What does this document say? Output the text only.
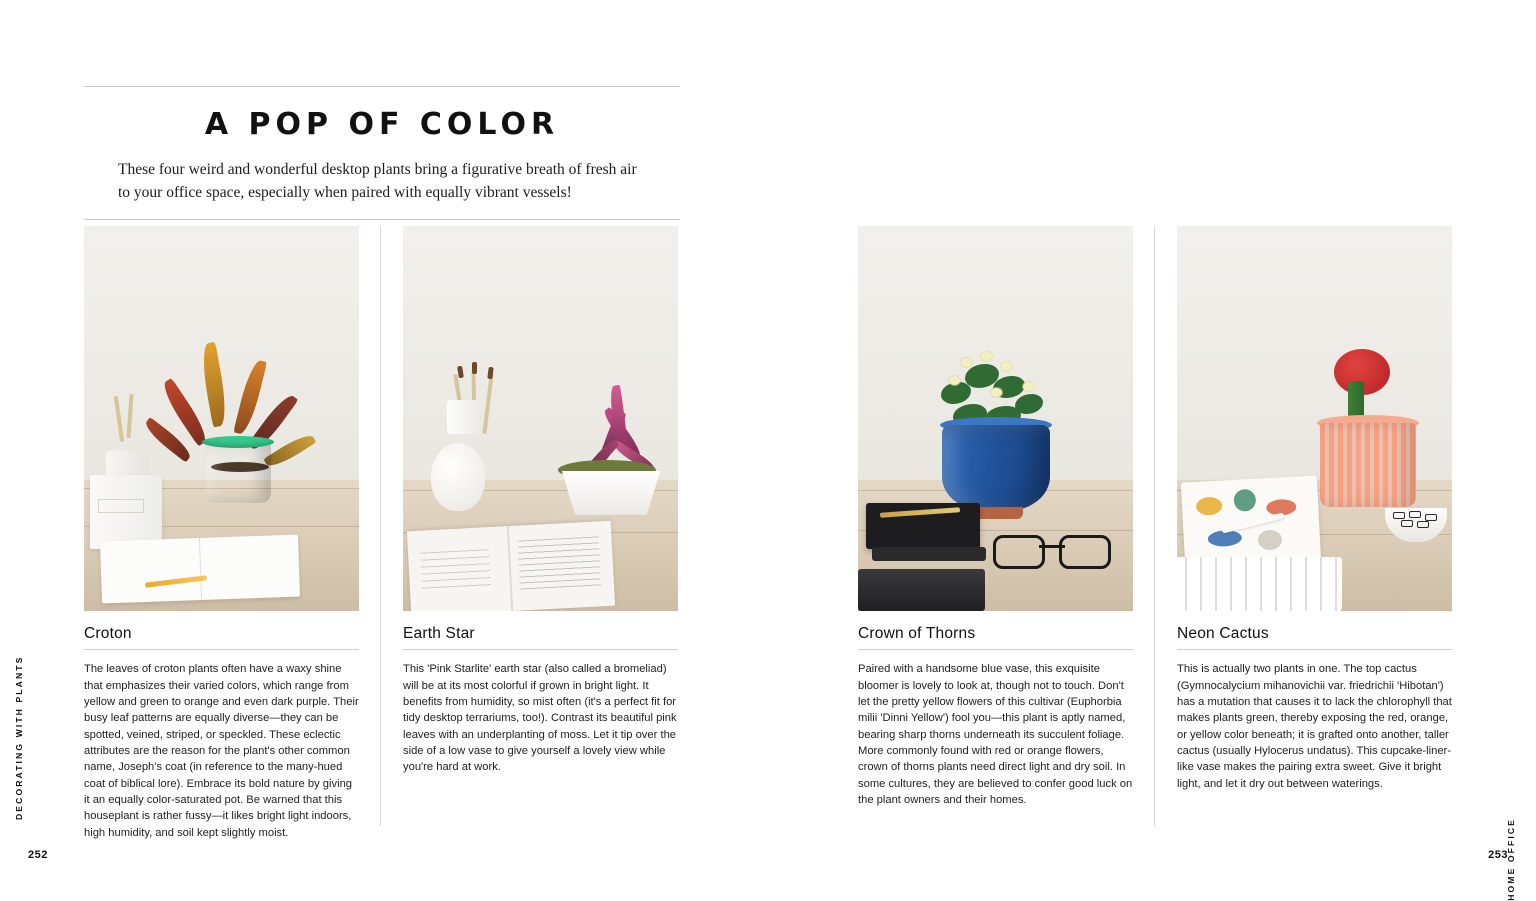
A POP OF COLOR

These four weird and wonderful desktop plants bring a figurative breath of fresh air to your office space, especially when paired with equally vibrant vessels!

Croton

The leaves of croton plants often have a waxy shine that emphasizes their varied colors, which range from yellow and green to orange and even dark purple. Their busy leaf patterns are equally diverse—they can be spotted, veined, striped, or speckled. These eclectic attributes are the reason for the plant's other common name, Joseph's coat (in reference to the many-hued coat of biblical lore). Embrace its bold nature by giving it an equally color-saturated pot. Be warned that this houseplant is rather fussy—it likes bright light indoors, high humidity, and soil kept slightly moist.

Earth Star

This 'Pink Starlite' earth star (also called a bromeliad) will be at its most colorful if grown in bright light. It benefits from humidity, so mist often (it's a perfect fit for tidy desktop terrariums, too!). Contrast its beautiful pink leaves with an underplanting of moss. Let it tip over the side of a low vase to give yourself a lovely view while you're hard at work.

252
DECORATING WITH PLANTS
Crown of Thorns

Paired with a handsome blue vase, this exquisite bloomer is lovely to look at, though not to touch. Don't let the pretty yellow flowers of this cultivar (Euphorbia milii 'Dinni Yellow') fool you—this plant is aptly named, bearing sharp thorns underneath its succulent foliage. More commonly found with red or orange flowers, crown of thorns plants need direct light and dry soil. In some cultures, they are believed to confer good luck on the plant owners and their homes.

Neon Cactus

This is actually two plants in one. The top cactus (Gymnocalycium mihanovichii var. friedrichii 'Hibotan') has a mutation that causes it to lack the chlorophyll that makes plants green, thereby exposing the red, orange, or yellow color beneath; it is grafted onto another, taller cactus (usually Hylocerus undatus). This cupcake-liner-like vase makes the pairing extra sweet. Give it bright light, and let it dry out between waterings.

253
HOME OFFICE
